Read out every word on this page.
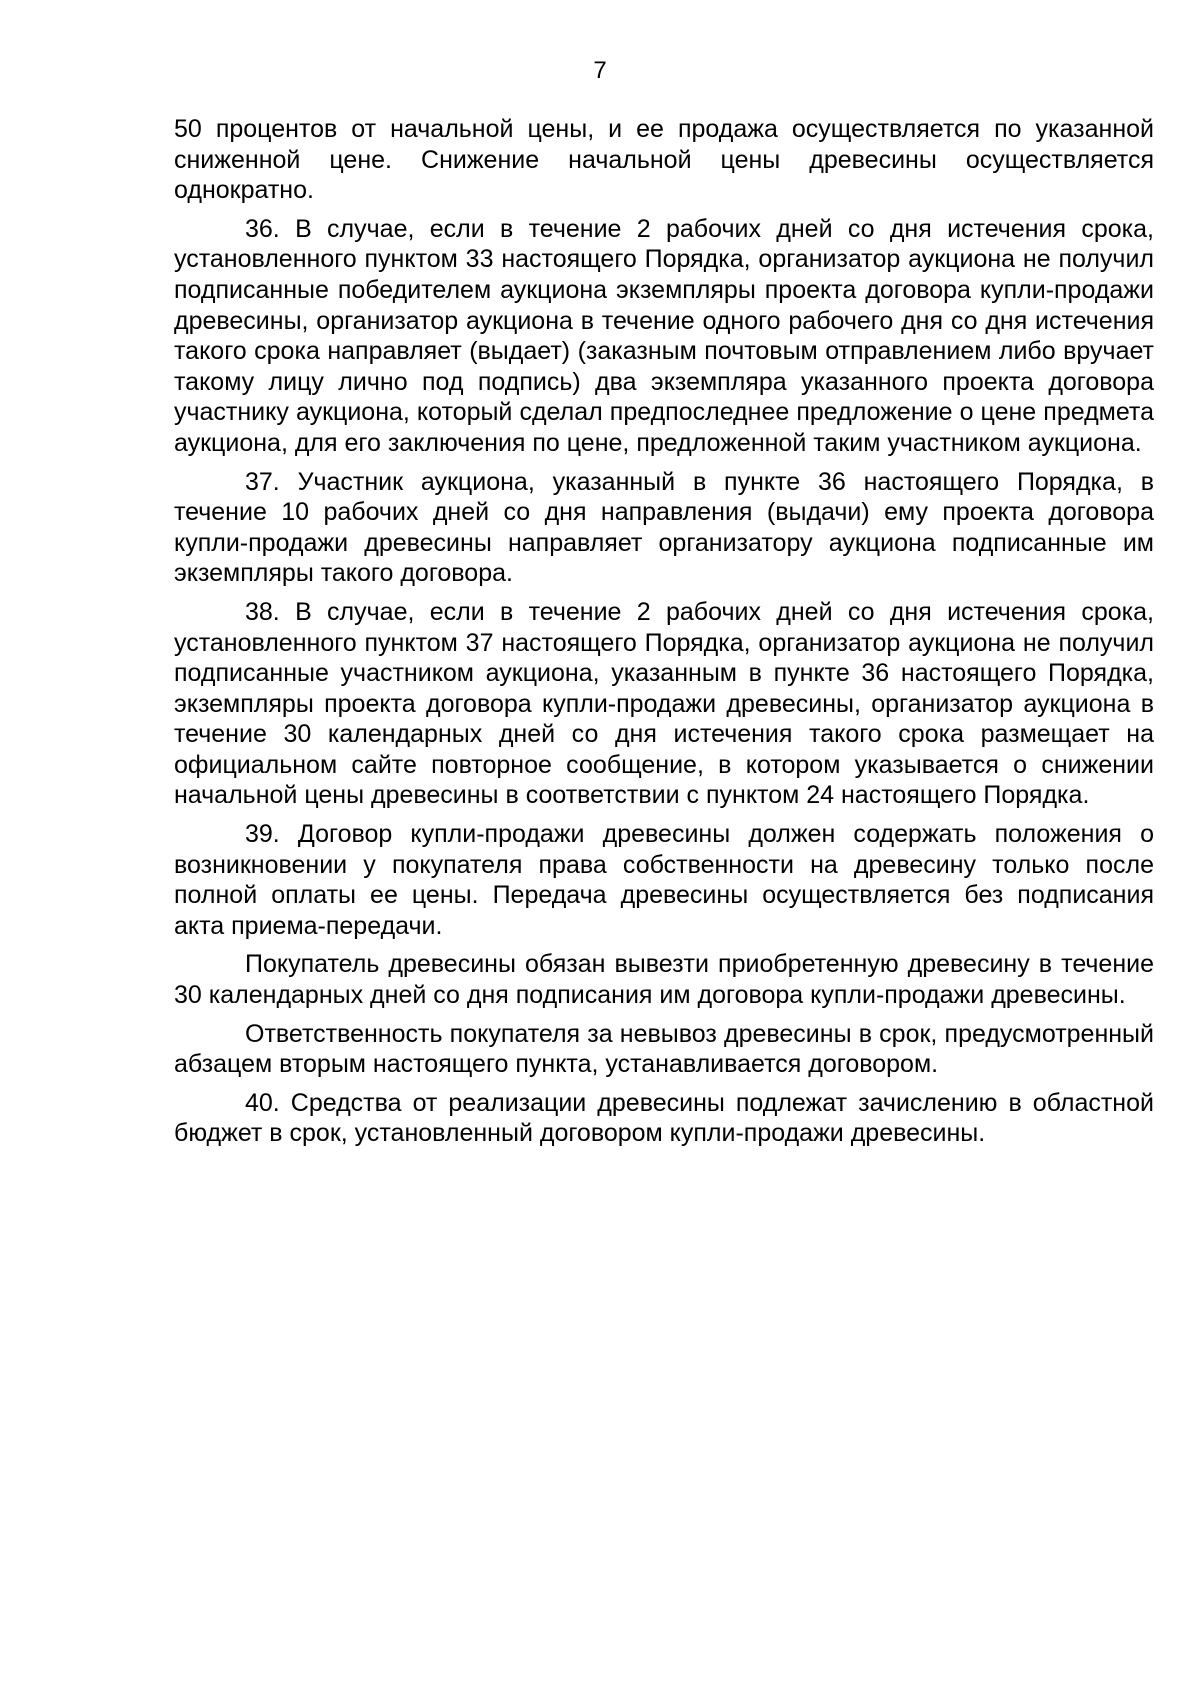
7

50 процентов от начальной цены, и ее продажа осуществляется по указанной сниженной цене. Снижение начальной цены древесины осуществляется однократно.

36. В случае, если в течение 2 рабочих дней со дня истечения срока, установленного пунктом 33 настоящего Порядка, организатор аукциона не получил подписанные победителем аукциона экземпляры проекта договора купли-продажи древесины, организатор аукциона в течение одного рабочего дня со дня истечения такого срока направляет (выдает) (заказным почтовым отправлением либо вручает такому лицу лично под подпись) два экземпляра указанного проекта договора участнику аукциона, который сделал предпоследнее предложение о цене предмета аукциона, для его заключения по цене, предложенной таким участником аукциона.

37. Участник аукциона, указанный в пункте 36 настоящего Порядка, в течение 10 рабочих дней со дня направления (выдачи) ему проекта договора купли-продажи древесины направляет организатору аукциона подписанные им экземпляры такого договора.

38. В случае, если в течение 2 рабочих дней со дня истечения срока, установленного пунктом 37 настоящего Порядка, организатор аукциона не получил подписанные участником аукциона, указанным в пункте 36 настоящего Порядка, экземпляры проекта договора купли-продажи древесины, организатор аукциона в течение 30 календарных дней со дня истечения такого срока размещает на официальном сайте повторное сообщение, в котором указывается о снижении начальной цены древесины в соответствии с пунктом 24 настоящего Порядка.

39. Договор купли-продажи древесины должен содержать положения о возникновении у покупателя права собственности на древесину только после полной оплаты ее цены. Передача древесины осуществляется без подписания акта приема-передачи.

Покупатель древесины обязан вывезти приобретенную древесину в течение 30 календарных дней со дня подписания им договора купли-продажи древесины.

Ответственность покупателя за невывоз древесины в срок, предусмотренный абзацем вторым настоящего пункта, устанавливается договором.

40. Средства от реализации древесины подлежат зачислению в областной бюджет в срок, установленный договором купли-продажи древесины.
